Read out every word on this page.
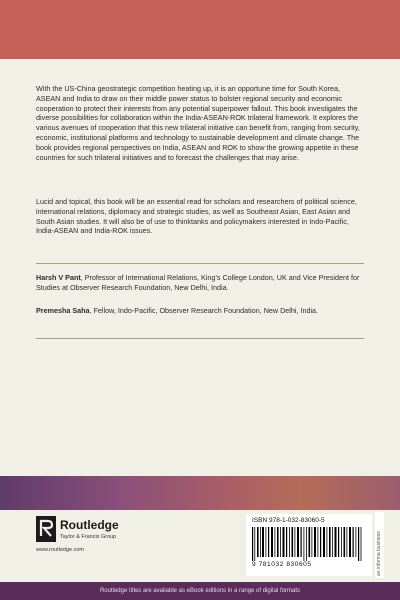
With the US-China geostrategic competition heating up, it is an opportune time for South Korea, ASEAN and India to draw on their middle power status to bolster regional security and economic cooperation to protect their interests from any potential superpower fallout. This book investigates the diverse possibilities for collaboration within the India-ASEAN-ROK trilateral framework. It explores the various avenues of cooperation that this new trilateral initiative can benefit from, ranging from security, economic, institutional platforms and technology to sustainable development and climate change. The book provides regional perspectives on India, ASEAN and ROK to show the growing appetite in these countries for such trilateral initiatives and to forecast the challenges that may arise.

Lucid and topical, this book will be an essential read for scholars and researchers of political science, international relations, diplomacy and strategic studies, as well as Southeast Asian, East Asian and South Asian studies. It will also be of use to thinktanks and policymakers interested in Indo-Pacific, India-ASEAN and India-ROK issues.

Harsh V Pant, Professor of International Relations, King’s College London, UK and Vice President for Studies at Observer Research Foundation, New Delhi, India.
Premesha Saha, Fellow, Indo-Pacific, Observer Research Foundation, New Delhi, India.
Routledge
Taylor & Francis Group
www.routledge.com
ISBN 978-1-032-83060-5
9 781032 830605	an informa business
Routledge titles are available as eBook editions in a range of digital formats
